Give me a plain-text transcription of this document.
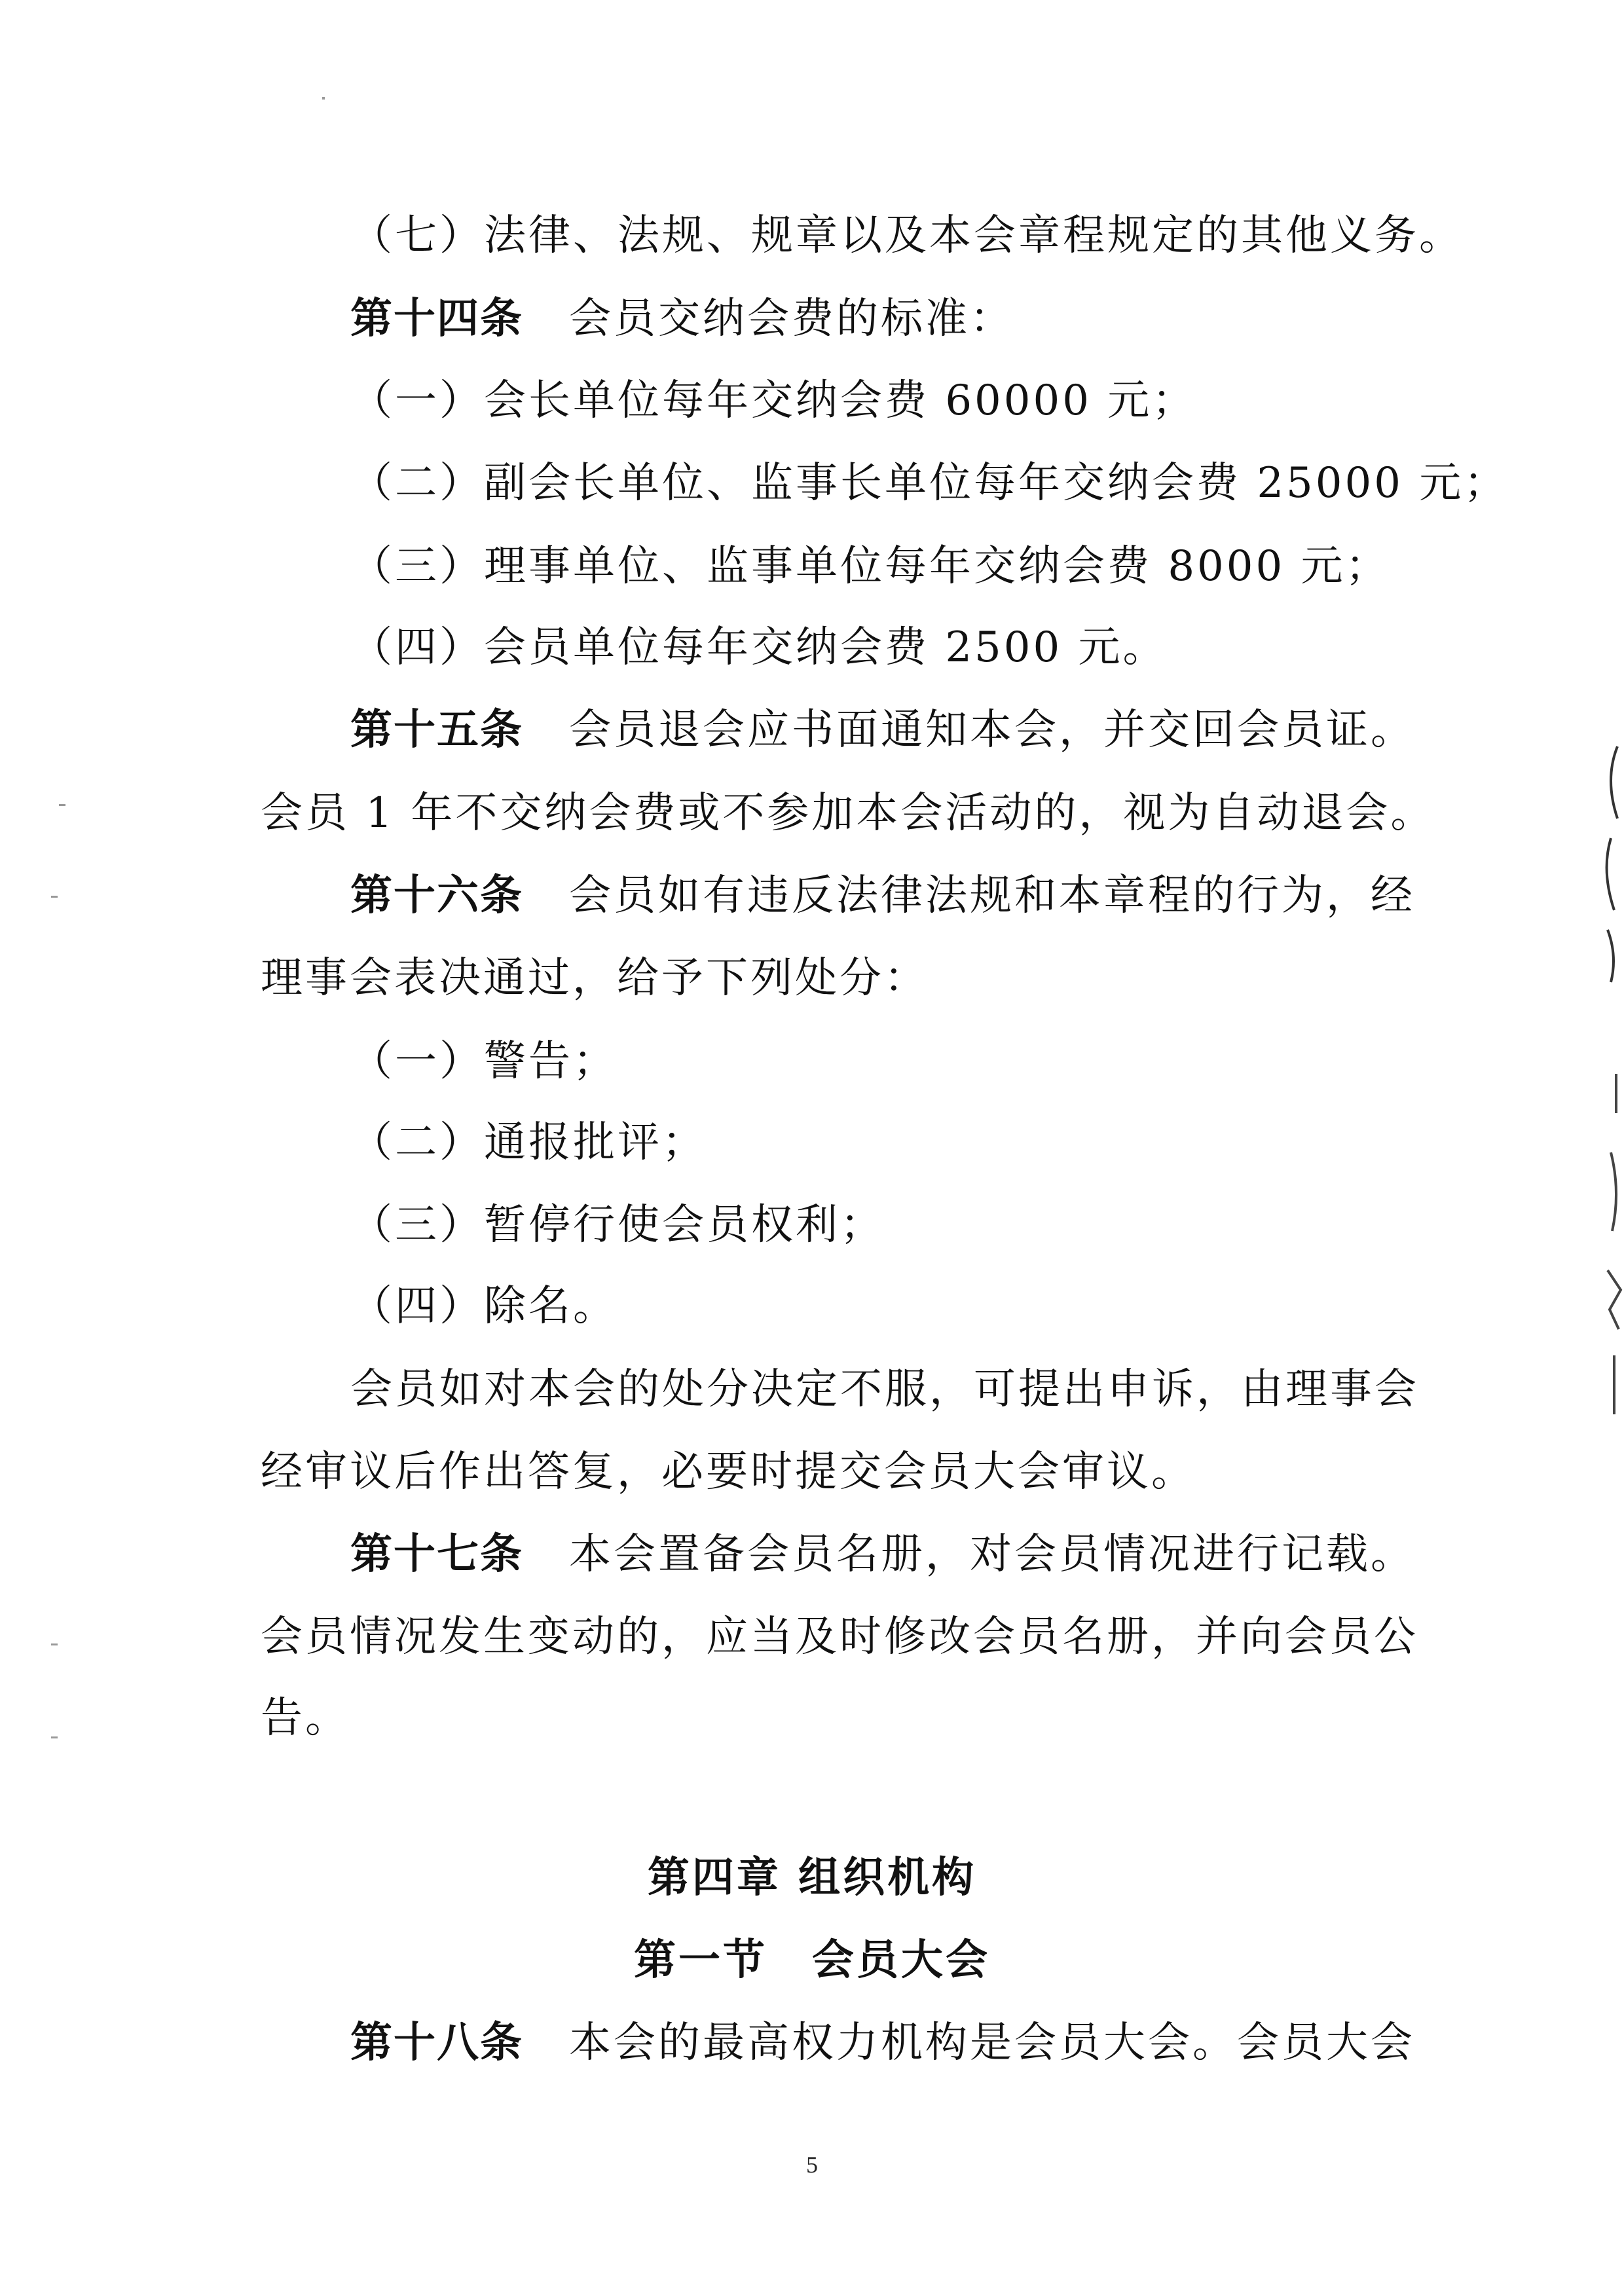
（七）法律、法规、规章以及本会章程规定的其他义务。
第十四条 会员交纳会费的标准：
（一）会长单位每年交纳会费 60000 元；
（二）副会长单位、监事长单位每年交纳会费 25000 元；
（三）理事单位、监事单位每年交纳会费 8000 元；
（四）会员单位每年交纳会费 2500 元。
第十五条 会员退会应书面通知本会，并交回会员证。
会员 1 年不交纳会费或不参加本会活动的，视为自动退会。
第十六条 会员如有违反法律法规和本章程的行为，经
理事会表决通过，给予下列处分：
（一）警告；
（二）通报批评；
（三）暂停行使会员权利；
（四）除名。
会员如对本会的处分决定不服，可提出申诉，由理事会
经审议后作出答复，必要时提交会员大会审议。
第十七条 本会置备会员名册，对会员情况进行记载。
会员情况发生变动的，应当及时修改会员名册，并向会员公
告。
第四章 组织机构
第一节　会员大会
第十八条 本会的最高权力机构是会员大会。会员大会
5
